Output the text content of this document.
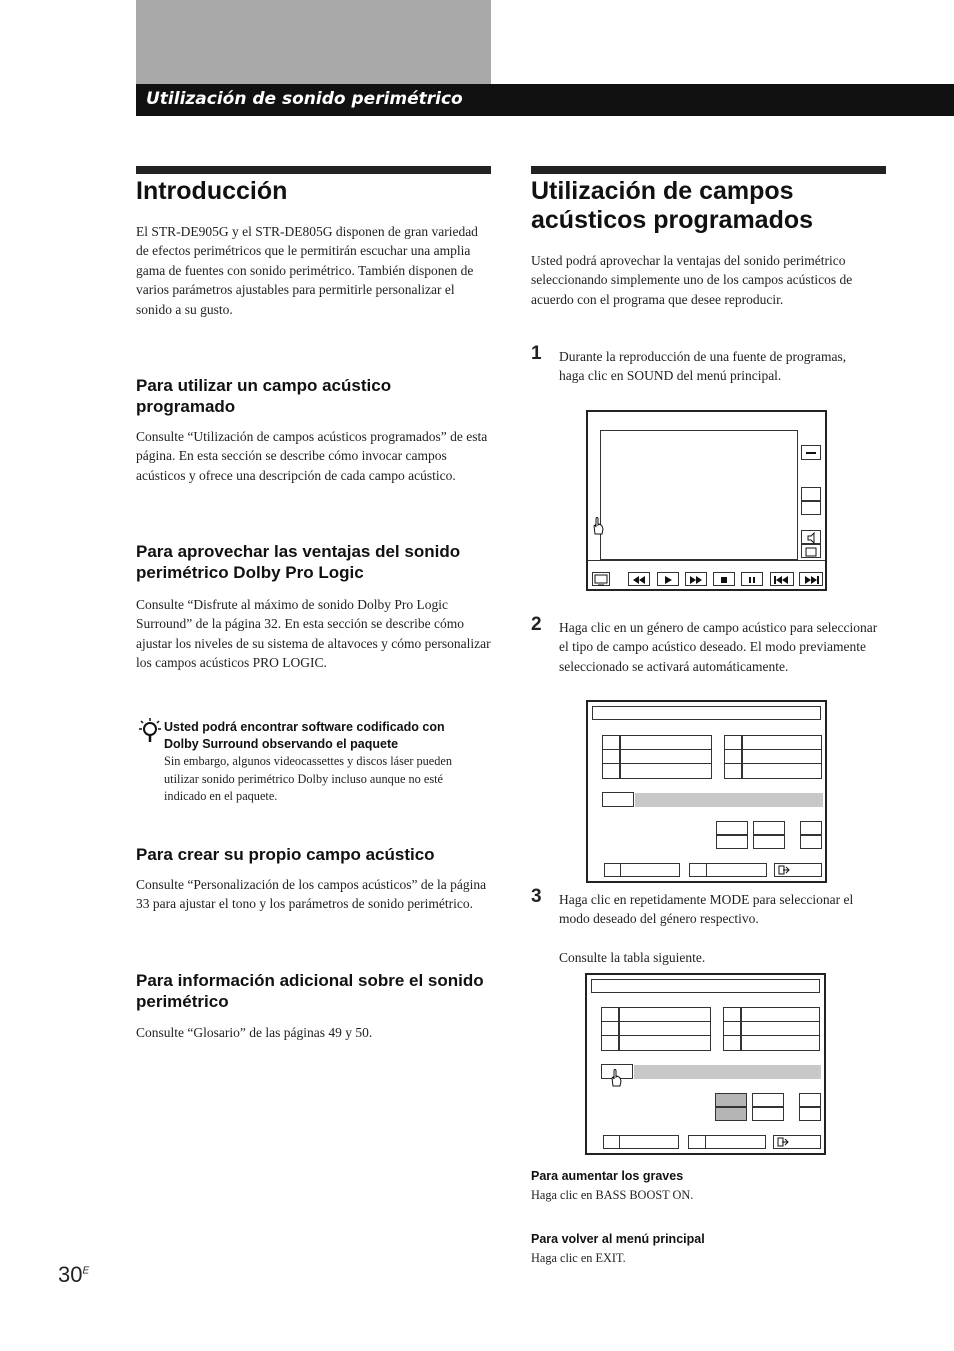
Utilización de sonido perimétrico
Introducción

El STR-DE905G y el STR-DE805G disponen de gran variedad de efectos perimétricos que le permitirán escuchar una amplia gama de fuentes con sonido perimétrico. También disponen de varios parámetros ajustables para permitirle personalizar el sonido a su gusto.

Para utilizar un campo acústico programado

Consulte “Utilización de campos acústicos programados” de esta página. En esta sección se describe cómo invocar campos acústicos y ofrece una descripción de cada campo acústico.

Para aprovechar las ventajas del sonido perimétrico Dolby Pro Logic

Consulte “Disfrute al máximo de sonido Dolby Pro Logic Surround” de la página 32. En esta sección se describe cómo ajustar los niveles de su sistema de altavoces y cómo personalizar los campos acústicos PRO LOGIC.

Usted podrá encontrar software codificado con Dolby Surround observando el paquete

Sin embargo, algunos videocassettes y discos láser pueden utilizar sonido perimétrico Dolby incluso aunque no esté indicado en el paquete.

Para crear su propio campo acústico

Consulte “Personalización de los campos acústicos” de la página 33 para ajustar el tono y los parámetros de sonido perimétrico.

Para información adicional sobre el sonido perimétrico

Consulte “Glosario” de las páginas 49 y 50.

Utilización de campos acústicos programados

Usted podrá aprovechar la ventajas del sonido perimétrico seleccionando simplemente uno de los campos acústicos de acuerdo con el programa que desee reproducir.

1 Durante la reproducción de una fuente de programas, haga clic en SOUND del menú principal.

2 Haga clic en un género de campo acústico para seleccionar el tipo de campo acústico deseado. El modo previamente seleccionado se activará automáticamente.

3 Haga clic en repetidamente MODE para seleccionar el modo deseado del género respectivo.

Consulte la tabla siguiente.

Para aumentar los graves

Haga clic en BASS BOOST ON.

Para volver al menú principal

Haga clic en EXIT.

$30^E$
